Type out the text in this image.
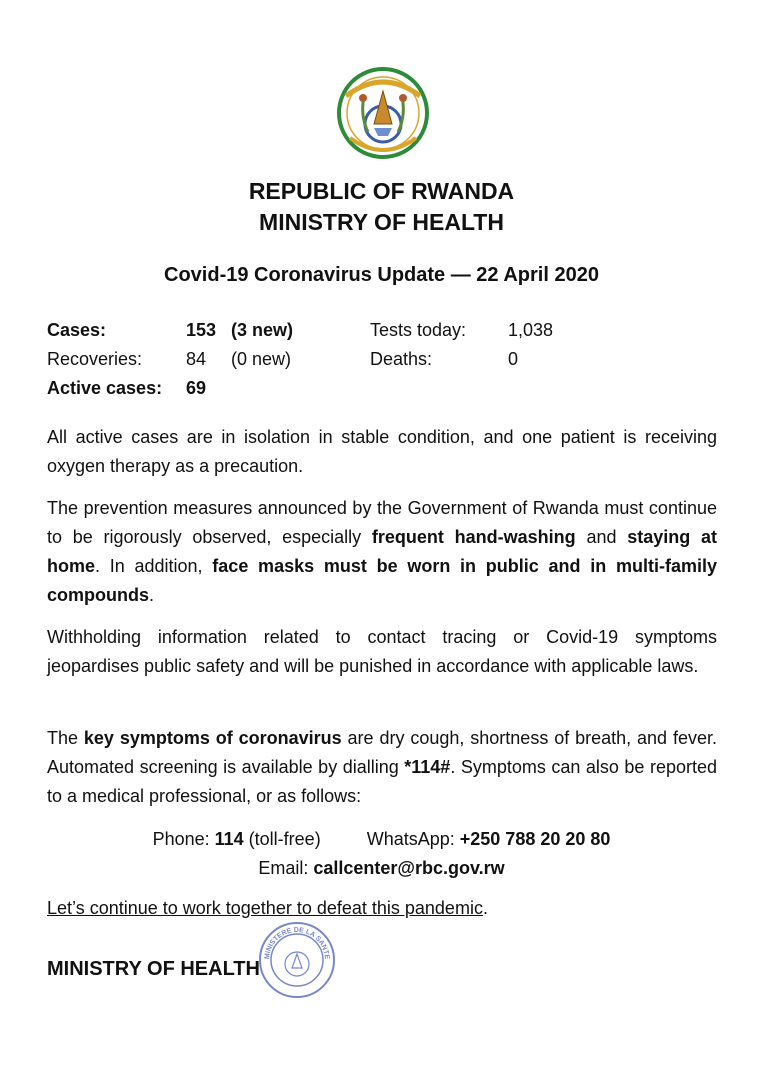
REPUBLIC OF RWANDA
MINISTRY OF HEALTH
Covid-19 Coronavirus Update — 22 April 2020
Cases:	153 (3 new)	Tests today: 1,038
Recoveries: 84 (0 new)	Deaths:	0
Active cases: 69

All active cases are in isolation in stable condition, and one patient is receiving oxygen therapy as a precaution.

The prevention measures announced by the Government of Rwanda must continue to be rigorously observed, especially frequent hand-washing and staying at home. In addition, face masks must be worn in public and in multi-family compounds.

Withholding information related to contact tracing or Covid-19 symptoms jeopardises public safety and will be punished in accordance with applicable laws.

The key symptoms of coronavirus are dry cough, shortness of breath, and fever. Automated screening is available by dialling *114#. Symptoms can also be reported to a medical professional, or as follows:

Phone: 114 (toll-free)	WhatsApp: +250 788 20 20 80
Email: callcenter@rbc.gov.rw
Let’s continue to work together to defeat this pandemic.
MINISTERE DE LA SANTE
MINISTRY OF HEALTH
